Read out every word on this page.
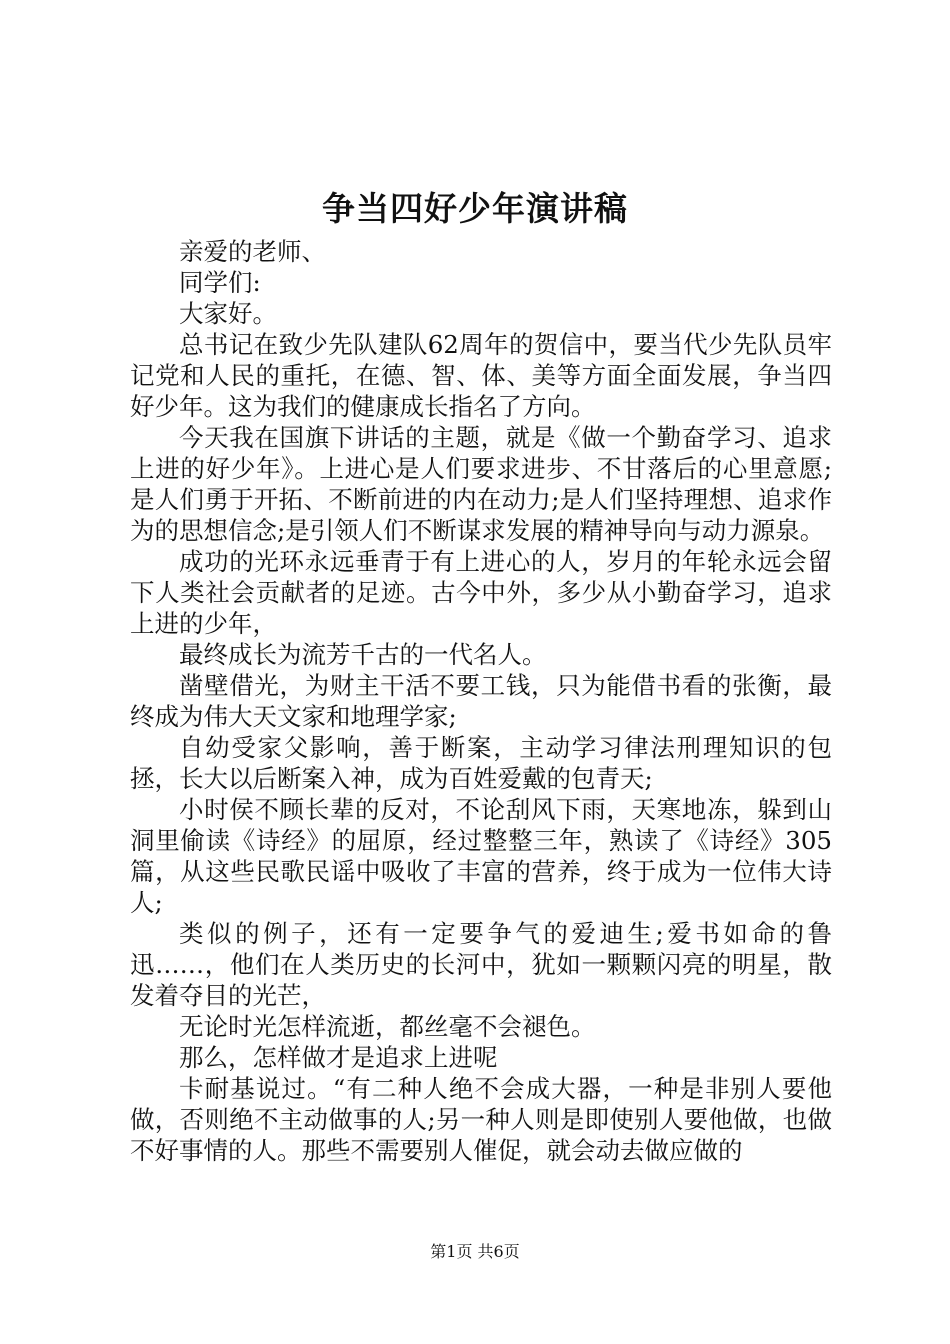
争当四好少年演讲稿

亲爱的老师、

同学们:

大家好。

总书记在致少先队建队62周年的贺信中，要当代少先队员牢记党和人民的重托，在德、智、体、美等方面全面发展，争当四好少年。这为我们的健康成长指名了方向。

今天我在国旗下讲话的主题，就是《做一个勤奋学习、追求上进的好少年》。上进心是人们要求进步、不甘落后的心里意愿;是人们勇于开拓、不断前进的内在动力;是人们坚持理想、追求作为的思想信念;是引领人们不断谋求发展的精神导向与动力源泉。

成功的光环永远垂青于有上进心的人，岁月的年轮永远会留下人类社会贡献者的足迹。古今中外，多少从小勤奋学习，追求上进的少年，

最终成长为流芳千古的一代名人。

凿壁借光，为财主干活不要工钱，只为能借书看的张衡，最终成为伟大天文家和地理学家;

自幼受家父影响，善于断案，主动学习律法刑理知识的包拯，长大以后断案入神，成为百姓爱戴的包青天;

小时侯不顾长辈的反对，不论刮风下雨，天寒地冻，躲到山洞里偷读《诗经》的屈原，经过整整三年，熟读了《诗经》305篇，从这些民歌民谣中吸收了丰富的营养，终于成为一位伟大诗人;

类似的例子，还有一定要争气的爱迪生;爱书如命的鲁迅……，他们在人类历史的长河中，犹如一颗颗闪亮的明星，散发着夺目的光芒，

无论时光怎样流逝，都丝毫不会褪色。

那么，怎样做才是追求上进呢

卡耐基说过。“有二种人绝不会成大器，一种是非别人要他做，否则绝不主动做事的人;另一种人则是即使别人要他做，也做不好事情的人。那些不需要别人催促，就会动去做应做的

第1页 共6页
